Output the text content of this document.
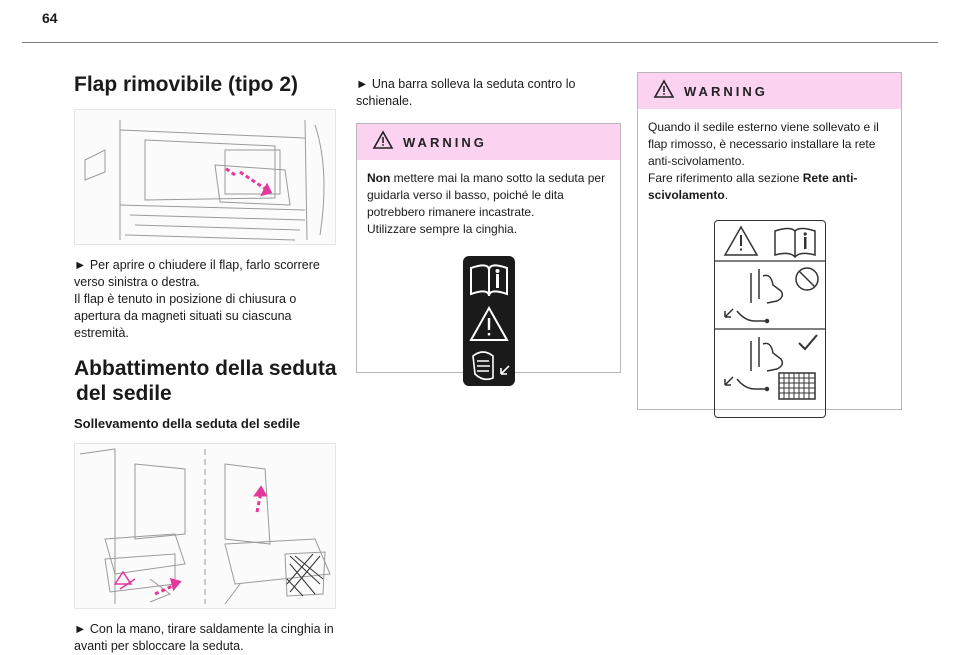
64
Flap rimovibile (tipo 2)

► Per aprire o chiudere il flap, farlo scorrere verso sinistra o destra.

Il flap è tenuto in posizione di chiusura o apertura da magneti situati su ciascuna estremità.

Abbattimento della seduta
del sedile
Sollevamento della seduta del sedile

► Con la mano, tirare saldamente la cinghia in avanti per sbloccare la seduta.

► Una barra solleva la seduta contro lo schienale.

WARNING
Non mettere mai la mano sotto la seduta per guidarla verso il basso, poiché le dita potrebbero rimanere incastrate.
Utilizzare sempre la cinghia.
WARNING
Quando il sedile esterno viene sollevato e il flap rimosso, è necessario installare la rete anti-scivolamento.
Fare riferimento alla sezione Rete anti-scivolamento.
